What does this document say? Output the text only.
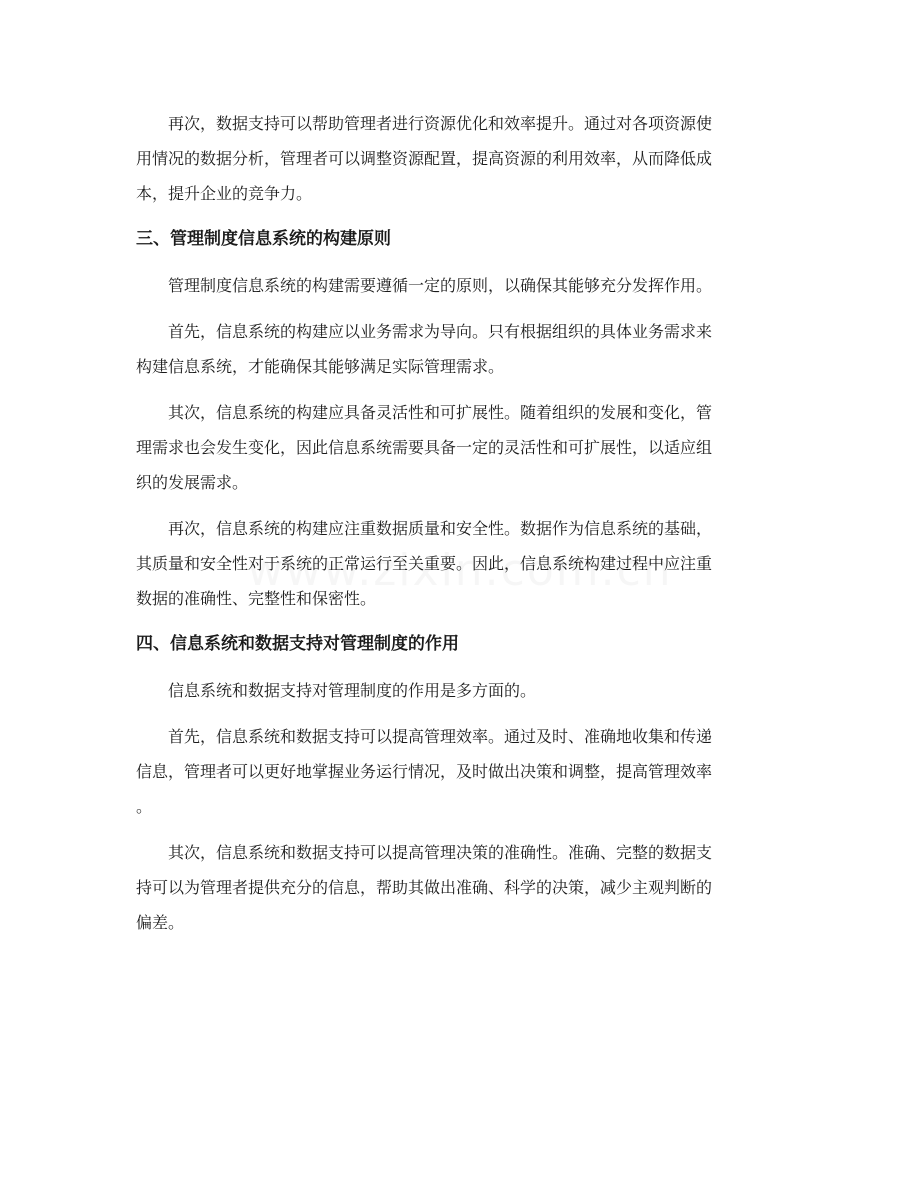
再次，数据支持可以帮助管理者进行资源优化和效率提升。通过对各项资源使
用情况的数据分析，管理者可以调整资源配置，提高资源的利用效率，从而降低成
本，提升企业的竞争力。

三、管理制度信息系统的构建原则

管理制度信息系统的构建需要遵循一定的原则，以确保其能够充分发挥作用。

首先，信息系统的构建应以业务需求为导向。只有根据组织的具体业务需求来
构建信息系统，才能确保其能够满足实际管理需求。

其次，信息系统的构建应具备灵活性和可扩展性。随着组织的发展和变化，管
理需求也会发生变化，因此信息系统需要具备一定的灵活性和可扩展性，以适应组
织的发展需求。

再次，信息系统的构建应注重数据质量和安全性。数据作为信息系统的基础，
其质量和安全性对于系统的正常运行至关重要。因此，信息系统构建过程中应注重
数据的准确性、完整性和保密性。

四、信息系统和数据支持对管理制度的作用

信息系统和数据支持对管理制度的作用是多方面的。

首先，信息系统和数据支持可以提高管理效率。通过及时、准确地收集和传递
信息，管理者可以更好地掌握业务运行情况，及时做出决策和调整，提高管理效率
。

其次，信息系统和数据支持可以提高管理决策的准确性。准确、完整的数据支
持可以为管理者提供充分的信息，帮助其做出准确、科学的决策，减少主观判断的
偏差。
